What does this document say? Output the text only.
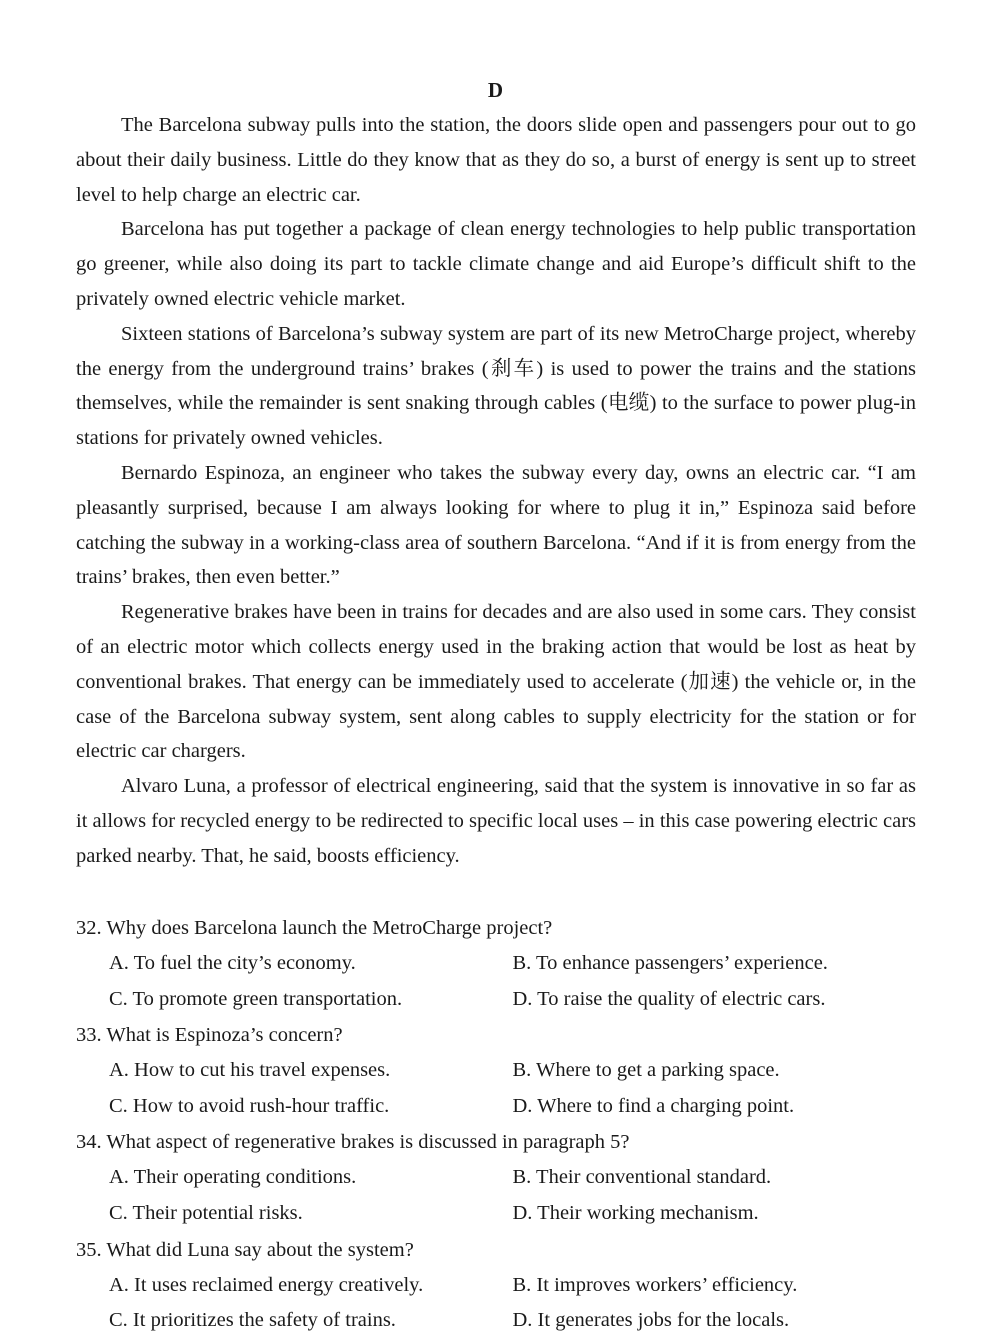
D

The Barcelona subway pulls into the station, the doors slide open and passengers pour out to go about their daily business. Little do they know that as they do so, a burst of energy is sent up to street level to help charge an electric car.

Barcelona has put together a package of clean energy technologies to help public transportation go greener, while also doing its part to tackle climate change and aid Europe’s difficult shift to the privately owned electric vehicle market.

Sixteen stations of Barcelona’s subway system are part of its new MetroCharge project, whereby the energy from the underground trains’ brakes (刹车) is used to power the trains and the stations themselves, while the remainder is sent snaking through cables (电缆) to the surface to power plug-in stations for privately owned vehicles.

Bernardo Espinoza, an engineer who takes the subway every day, owns an electric car. “I am pleasantly surprised, because I am always looking for where to plug it in,” Espinoza said before catching the subway in a working-class area of southern Barcelona. “And if it is from energy from the trains’ brakes, then even better.”

Regenerative brakes have been in trains for decades and are also used in some cars. They consist of an electric motor which collects energy used in the braking action that would be lost as heat by conventional brakes. That energy can be immediately used to accelerate (加速) the vehicle or, in the case of the Barcelona subway system, sent along cables to supply electricity for the station or for electric car chargers.

Alvaro Luna, a professor of electrical engineering, said that the system is innovative in so far as it allows for recycled energy to be redirected to specific local uses – in this case powering electric cars parked nearby. That, he said, boosts efficiency.

32. Why does Barcelona launch the MetroCharge project?
A. To fuel the city’s economy.	B. To enhance passengers’ experience.
C. To promote green transportation.	D. To raise the quality of electric cars.
33. What is Espinoza’s concern?
A. How to cut his travel expenses.	B. Where to get a parking space.
C. How to avoid rush-hour traffic.	D. Where to find a charging point.
34. What aspect of regenerative brakes is discussed in paragraph 5?
A. Their operating conditions.	B. Their conventional standard.
C. Their potential risks.	D. Their working mechanism.
35. What did Luna say about the system?
A. It uses reclaimed energy creatively.	B. It improves workers’ efficiency.
C. It prioritizes the safety of trains.	D. It generates jobs for the locals.
